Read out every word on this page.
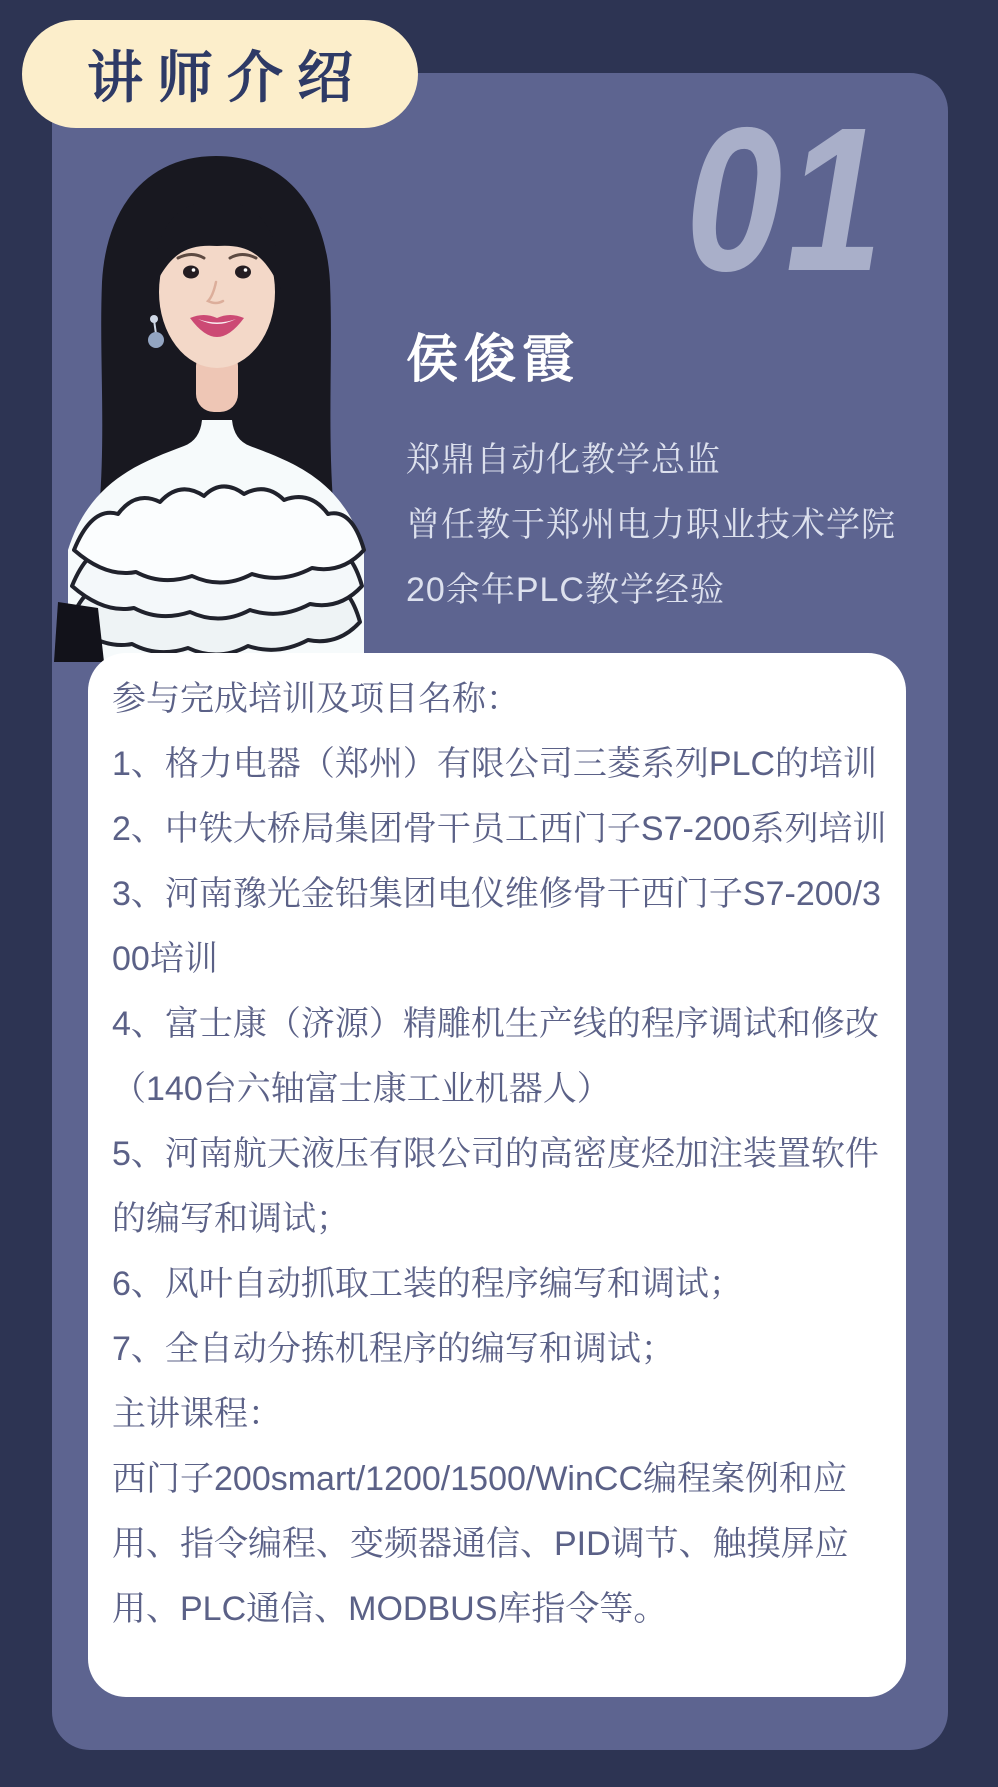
讲师介绍
01
侯俊霞
郑鼎自动化教学总监
曾任教于郑州电力职业技术学院
20余年PLC教学经验
参与完成培训及项目名称：
1、格力电器（郑州）有限公司三菱系列PLC的培训
2、中铁大桥局集团骨干员工西门子S7-200系列培训
3、河南豫光金铅集团电仪维修骨干西门子S7-200/3
00培训
4、富士康（济源）精雕机生产线的程序调试和修改
（140台六轴富士康工业机器人）
5、河南航天液压有限公司的高密度烃加注装置软件
的编写和调试；
6、风叶自动抓取工装的程序编写和调试；
7、全自动分拣机程序的编写和调试；
主讲课程：
西门子200smart/1200/1500/WinCC编程案例和应
用、指令编程、变频器通信、PID调节、触摸屏应
用、PLC通信、MODBUS库指令等。
